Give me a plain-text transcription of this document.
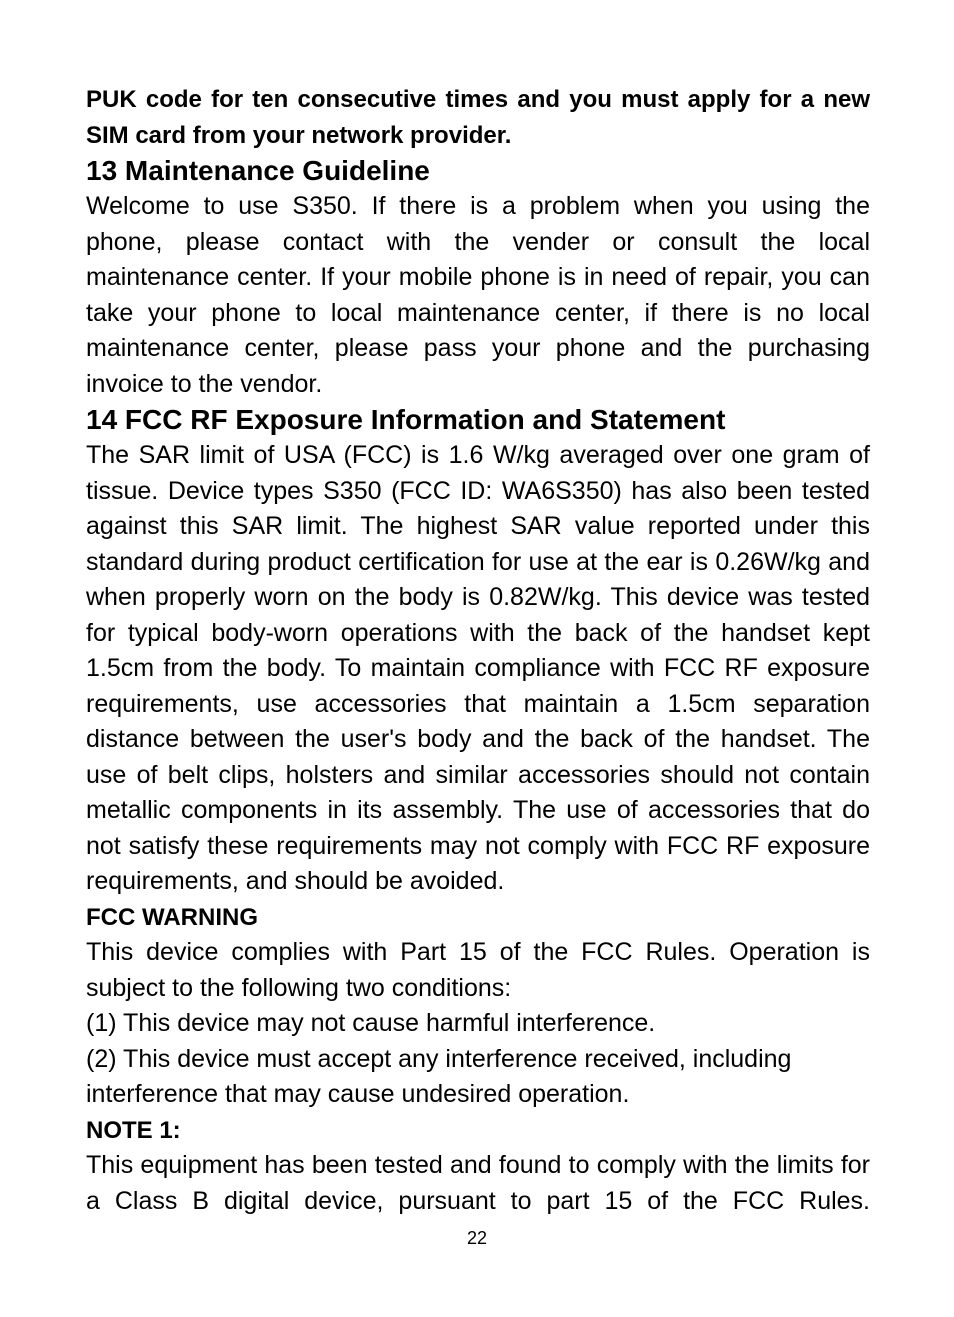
PUK code for ten consecutive times and you must apply for a new SIM card from your network provider.

13 Maintenance Guideline

Welcome to use S350. If there is a problem when you using the phone, please contact with the vender or consult the local maintenance center. If your mobile phone is in need of repair, you can take your phone to local maintenance center, if there is no local maintenance center, please pass your phone and the purchasing invoice to the vendor.

14 FCC RF Exposure Information and Statement

The SAR limit of USA (FCC) is 1.6 W/kg averaged over one gram of tissue. Device types S350 (FCC ID: WA6S350) has also been tested against this SAR limit. The highest SAR value reported under this standard during product certification for use at the ear is 0.26W/kg and when properly worn on the body is 0.82W/kg. This device was tested for typical body-worn operations with the back of the handset kept 1.5cm from the body. To maintain compliance with FCC RF exposure requirements, use accessories that maintain a 1.5cm separation distance between the user's body and the back of the handset. The use of belt clips, holsters and similar accessories should not contain metallic components in its assembly. The use of accessories that do not satisfy these requirements may not comply with FCC RF exposure requirements, and should be avoided.

FCC WARNING

This device complies with Part 15 of the FCC Rules. Operation is subject to the following two conditions:

(1) This device may not cause harmful interference.

(2) This device must accept any interference received, including

interference that may cause undesired operation.

NOTE 1:

This equipment has been tested and found to comply with the limits for a Class B digital device, pursuant to part 15 of the FCC Rules.

22
